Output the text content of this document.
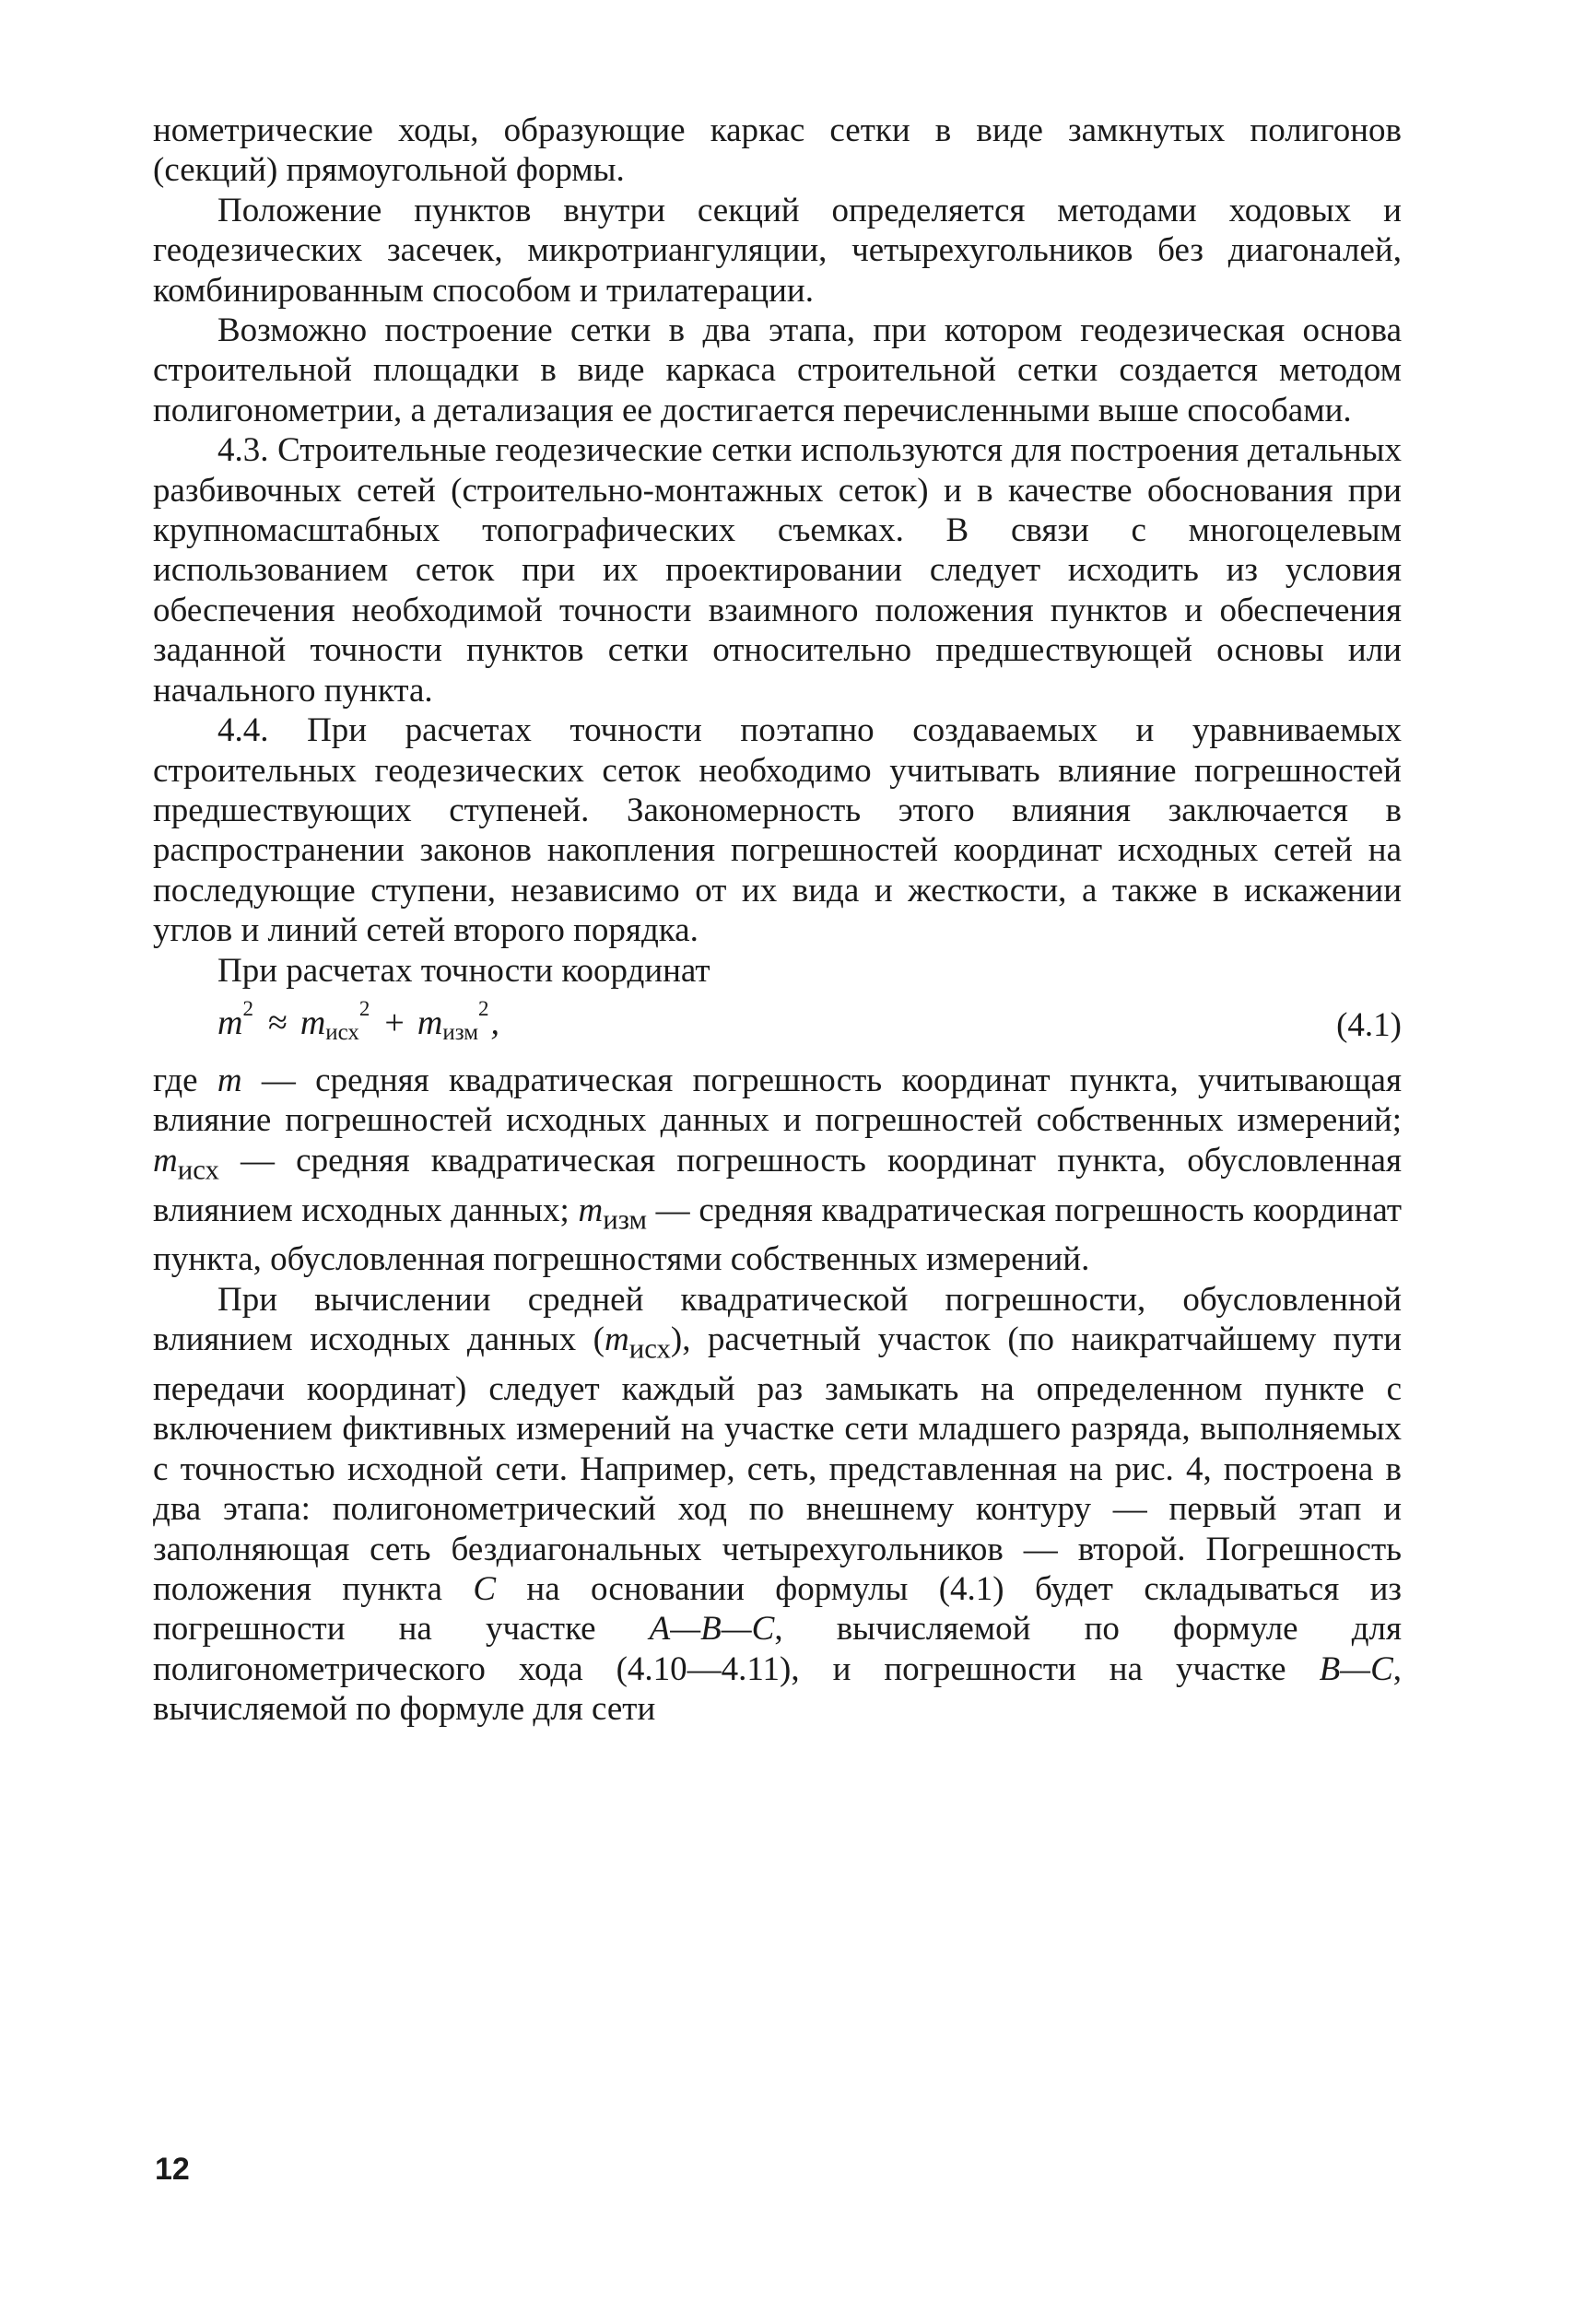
нометрические ходы, образующие каркас сетки в виде замкнутых полигонов (секций) прямоугольной формы.

Положение пунктов внутри секций определяется методами ходовых и геодезических засечек, микротриангуляции, четырехугольников без диагоналей, комбинированным способом и трилатерации.

Возможно построение сетки в два этапа, при котором геодезическая основа строительной площадки в виде каркаса строительной сетки создается методом полигонометрии, а детализация ее достигается перечисленными выше способами.

4.3. Строительные геодезические сетки используются для построения детальных разбивочных сетей (строительно-монтажных сеток) и в качестве обоснования при крупномасштабных топографических съемках. В связи с многоцелевым использованием сеток при их проектировании следует исходить из условия обеспечения необходимой точности взаимного положения пунктов и обеспечения заданной точности пунктов сетки относительно предшествующей основы или начального пункта.

4.4. При расчетах точности поэтапно создаваемых и уравниваемых строительных геодезических сеток необходимо учитывать влияние погрешностей предшествующих ступеней. Закономерность этого влияния заключается в распространении законов накопления погрешностей координат исходных сетей на последующие ступени, независимо от их вида и жесткости, а также в искажении углов и линий сетей второго порядка.

При расчетах точности координат

$m^2 \approx m_{исх}^2 + m_{изм}^2$,	(4.1)

где m — средняя квадратическая погрешность координат пункта, учитывающая влияние погрешностей исходных данных и погрешностей собственных измерений; $m_{исх}$ — средняя квадратическая погрешность координат пункта, обусловленная влиянием исходных данных; $m_{изм}$ — средняя квадратическая погрешность координат пункта, обусловленная погрешностями собственных измерений.

При вычислении средней квадратической погрешности, обусловленной влиянием исходных данных $(m_{исх})$, расчетный участок (по наикратчайшему пути передачи координат) следует каждый раз замыкать на определенном пункте с включением фиктивных измерений на участке сети младшего разряда, выполняемых с точностью исходной сети. Например, сеть, представленная на рис. 4, построена в два этапа: полигонометрический ход по внешнему контуру — первый этап и заполняющая сеть бездиагональных четырехугольников — второй. Погрешность положения пункта C на основании формулы (4.1) будет складываться из погрешности на участке A—B—C, вычисляемой по формуле для полигонометрического хода (4.10—4.11), и погрешности на участке B—C, вычисляемой по формуле для сети

12
